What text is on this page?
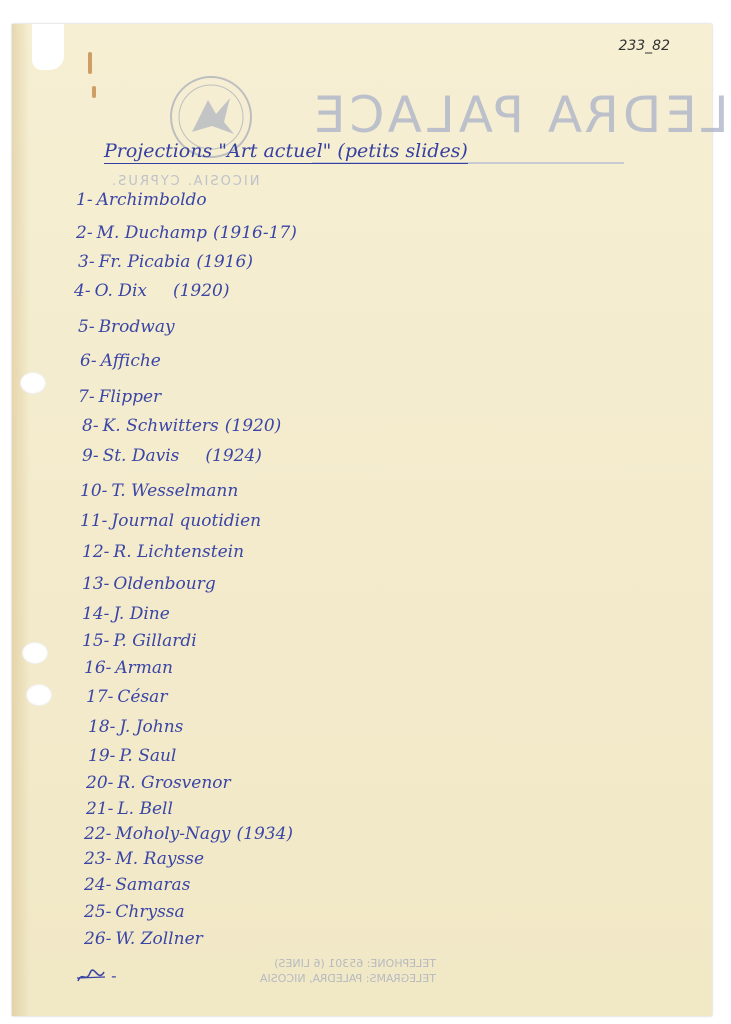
233_82
LEDRA PALACE
NICOSIA. CYPRUS.
Projections "Art actuel" (petits slides)
1- Archimboldo
2- M. Duchamp (1916-17)
3- Fr. Picabia (1916)
4- O. Dix (1920)
5- Brodway
6- Affiche
7- Flipper
8- K. Schwitters (1920)
9- St. Davis (1924)
10- T. Wesselmann
11- Journal quotidien
12- R. Lichtenstein
13- Oldenbourg
14- J. Dine
15- P. Gillardi
16- Arman
17- César
18- J. Johns
19- P. Saul
20- R. Grosvenor
21- L. Bell
22- Moholy-Nagy (1934)
23- M. Raysse
24- Samaras
25- Chryssa
26- W. Zollner
-
TELEPHONE: 65301 (6 LINES)
TELEGRAMS: PALEDRA, NICOSIA
